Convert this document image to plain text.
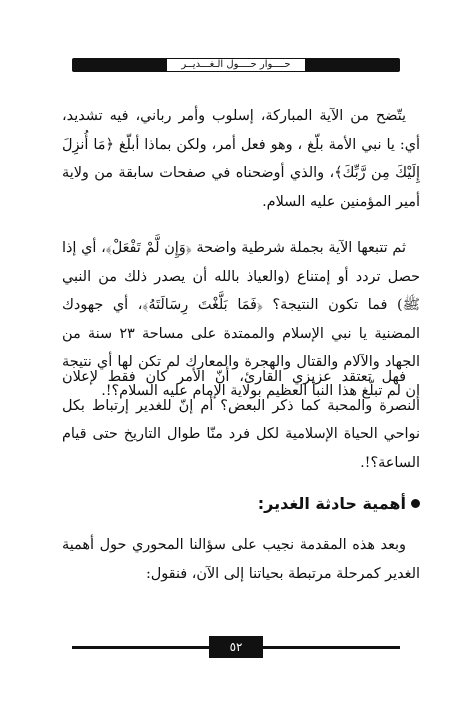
حــــوار حــــول الـغـــديــر

يتّضح من الآية المباركة، إسلوب وأمر رباني، فيه تشديد، أي: يا نبي الأمة بلّغ ، وهو فعل أمر، ولكن بماذا أبلّغ ﴿مَا أُنزِلَ إِلَيْكَ مِن رَّبِّكَ﴾، والذي أوضحناه في صفحات سابقة من ولاية أمير المؤمنين عليه السلام.

ثم تتبعها الآية بجملة شرطية واضحة ﴿وَإِن لَّمْ تَفْعَلْ﴾، أي إذا حصل تردد أو إمتناع (والعياذ بالله أن يصدر ذلك من النبي ﷺ) فما تكون النتيجة؟ ﴿فَمَا بَلَّغْتَ رِسَالَتَهُ﴾، أي جهودك المضنية يا نبي الإسلام والممتدة على مساحة ٢٣ سنة من الجهاد والآلام والقتال والهجرة والمعارك لم تكن لها أي نتيجة إن لم تبلّغ هذا النبأ العظيم بولاية الإمام عليه السلام؟!.

فهل تعتقد عزيزي القارئ، أنّ الأمر كان فقط لإعلان النصرة والمحبة كما ذكر البعض؟ أم إنّ للغدير إرتباط بكل نواحي الحياة الإسلامية لكل فرد منّا طوال التاريخ حتى قيام الساعة؟!.

أهمية حادثة الغدير:

وبعد هذه المقدمة نجيب على سؤالنا المحوري حول أهمية الغدير كمرحلة مرتبطة بحياتنا إلى الآن، فنقول:

٥٢
